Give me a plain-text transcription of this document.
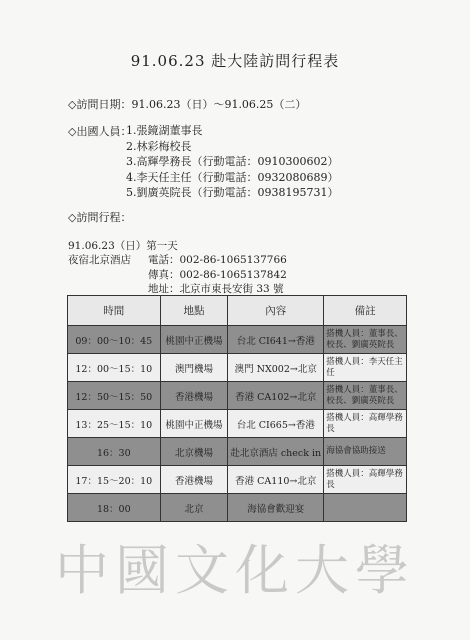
91.06.23 赴大陸訪問行程表
◇訪問日期：91.06.23（日）～91.06.25（二）
◇出國人員：
1.張鏡湖董事長
2.林彩梅校長
3.高輝學務長（行動電話：0910300602）
4.李天任主任（行動電話：0932080689）
5.劉廣英院長（行動電話：0938195731）
◇訪問行程：
91.06.23（日）第一天
夜宿北京酒店 電話：002-86-1065137766
傳真：002-86-1065137842
地址：北京市東長安街 33 號
時間	地點	內容	備註
09：00～10：45	桃園中正機場	台北 CI641→香港	搭機人員：董事長、校長、劉廣英院長
12：00～15：10	澳門機場	澳門 NX002→北京	搭機人員：李天任主任
12：50～15：50	香港機場	香港 CA102→北京	搭機人員：董事長、校長、劉廣英院長
13：25～15：10	桃園中正機場	台北 CI665→香港	搭機人員：高輝學務長
16：30	北京機場	赴北京酒店 check in	海協會協助接送
17：15～20：10	香港機場	香港 CA110→北京	搭機人員：高輝學務長
18：00	北京	海協會歡迎宴	
中國文化大學
